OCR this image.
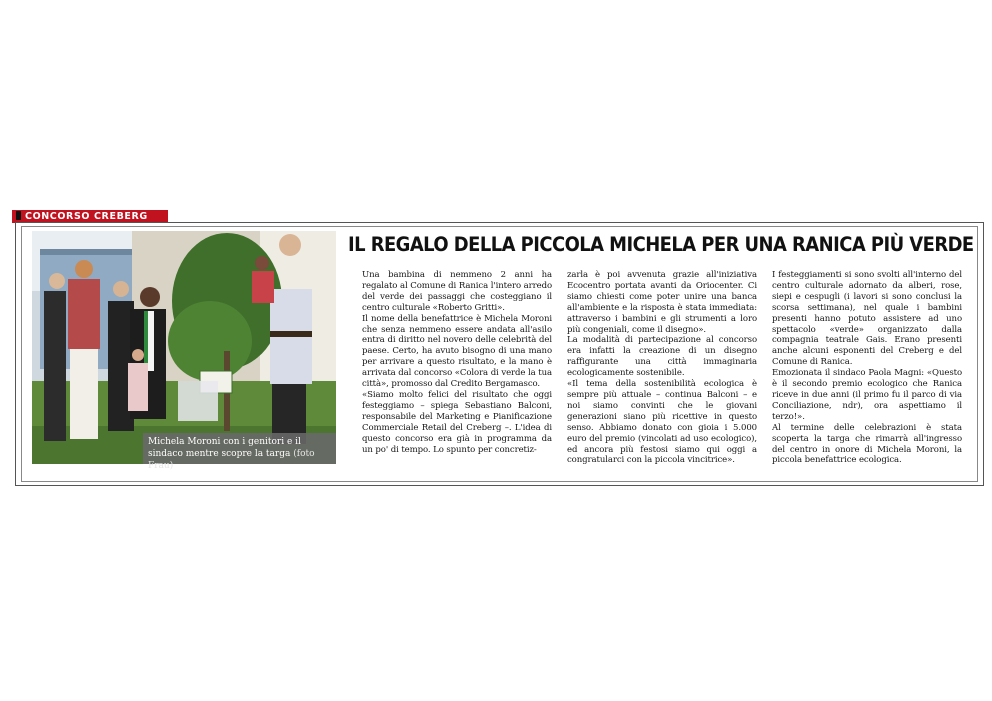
CONCORSO CREBERG
Michela Moroni con i genitori e il sindaco mentre scopre la targa (foto Frau)
IL REGALO DELLA PICCOLA MICHELA PER UNA RANICA PIÙ VERDE

Una bambina di nemmeno 2 anni ha regalato al Comune di Ranica l'intero arredo del verde dei passaggi che costeggiano il centro culturale «Roberto Gritti».

Il nome della benefattrice è Michela Moroni che senza nemmeno essere andata all'asilo entra di diritto nel novero delle celebrità del paese. Certo, ha avuto bisogno di una mano per arrivare a questo risultato, e la mano è arrivata dal concorso «Colora di verde la tua città», promosso dal Credito Bergamasco.

«Siamo molto felici del risultato che oggi festeggiamo – spiega Sebastiano Balconi, responsabile del Marketing e Pianificazione Commerciale Retail del Creberg –. L'idea di questo concorso era già in programma da un po' di tempo. Lo spunto per concretiz-

zarla è poi avvenuta grazie all'iniziativa Ecocentro portata avanti da Oriocenter. Ci siamo chiesti come poter unire una banca all'ambiente e la risposta è stata immediata: attraverso i bambini e gli strumenti a loro più congeniali, come il disegno».

La modalità di partecipazione al concorso era infatti la creazione di un disegno raffigurante una città immaginaria ecologicamente sostenibile.

«Il tema della sostenibilità ecologica è sempre più attuale – continua Balconi – e noi siamo convinti che le giovani generazioni siano più ricettive in questo senso. Abbiamo donato con gioia i 5.000 euro del premio (vincolati ad uso ecologico), ed ancora più festosi siamo qui oggi a congratularci con la piccola vincitrice».

I festeggiamenti si sono svolti all'interno del centro culturale adornato da alberi, rose, siepi e cespugli (i lavori si sono conclusi la scorsa settimana), nel quale i bambini presenti hanno potuto assistere ad uno spettacolo «verde» organizzato dalla compagnia teatrale Gais. Erano presenti anche alcuni esponenti del Creberg e del Comune di Ranica.

Emozionata il sindaco Paola Magni: «Questo è il secondo premio ecologico che Ranica riceve in due anni (il primo fu il parco di via Conciliazione, ndr), ora aspettiamo il terzo!».

Al termine delle celebrazioni è stata scoperta la targa che rimarrà all'ingresso del centro in onore di Michela Moroni, la piccola benefattrice ecologica.
